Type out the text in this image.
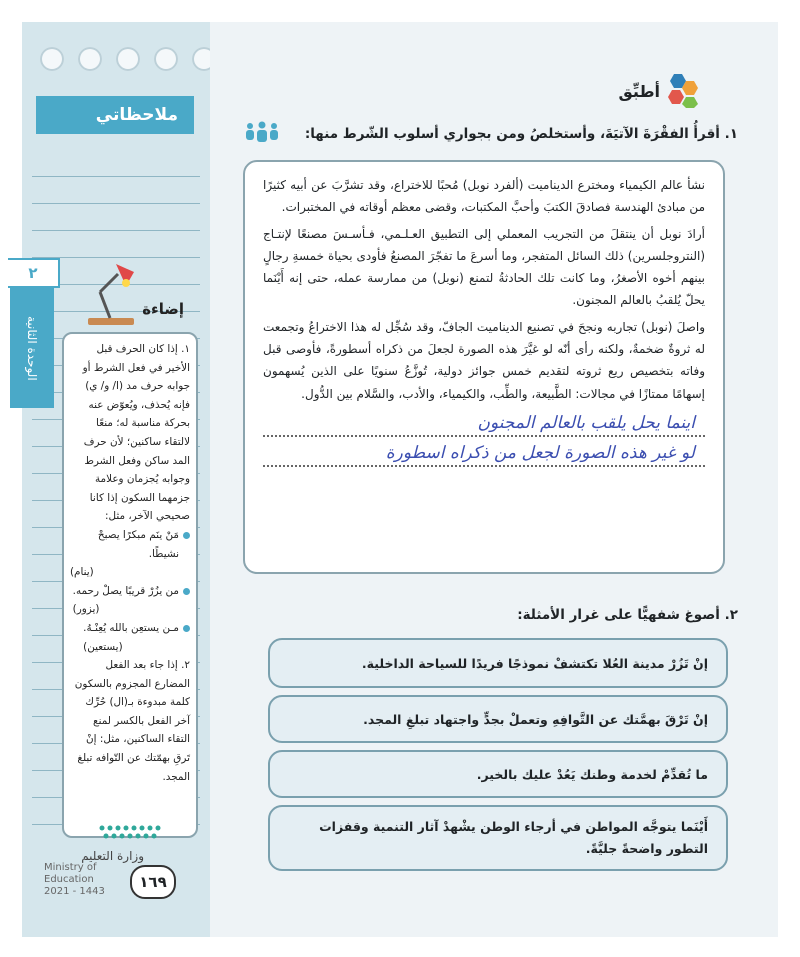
ملاحظاتي
٢
الوحدة الثانية
إضاءة

١. إذا كان الحرف قبل الأخير في فعل الشرط أو جوابه حرف مد (ا/ و/ ي) فإنه يُحذف، ويُعوّض عنه بحركة مناسبة له؛ منعًا لالتقاء ساكنين؛ لأن حرف المد ساكن وفعل الشرط وجوابه يُجزمان وعلامة جزمهما السكون إذا كانا صحيحي الآخر، مثل:

مَنْ ينَم مبكرًا يصبحْ نشيطًا.

(ينام)

من يزُرْ قريبًا يصلْ رحمه.

(يزور)

مـن يستعِن بالله يُعِنْـهُ.

(يستعين)

٢. إذا جاء بعد الفعل المضارع المجزوم بالسكون كلمة مبدوءة بـ(ال) حُرِّك آخر الفعل بالكسر لمنع التقاء الساكنين، مثل: إنْ تَرقِ بهمّتك عن التّوافه تبلغ المجد.

وزارة التعليم
Ministry of Education
2021 - 1443
١٦٩
أطبِّق
١. أقرأُ الفقْرَةَ الآتيَةَ، وأستخلصُ ومن بجواري أسلوب الشّرط منها:

نشأ عالم الكيمياء ومخترع الديناميت (ألفرد نوبل) مُحبًا للاختراع، وقد تشرَّبَ عن أبيه كثيرًا من مبادئ الهندسة فصادقَ الكتبَ وأحبَّ المكتبات، وقضى معظم أوقاته في المختبرات.

أرادَ نوبل أن ينتقلَ من التجريب المعملي إلى التطبيق العـلـمي، فـأسـسَ مصنعًا لإنتـاج (النتروجلسرين) ذلك السائل المتفجر، وما أسرعَ ما تفجّرَ المصنعُ فأودى بحياة خمسةِ رجالٍ بينهم أخوه الأصغرُ، وما كانت تلك الحادثةُ لتمنع (نوبل) من ممارسة عمله، حتى إنه أَيْنَما يحلّ يُلقبُ بالعالم المجنون.

واصلَ (نوبل) تجاربه ونجحَ في تصنيع الديناميت الجافّ، وقد سُجِّل له هذا الاختراعُ وتجمعت له ثروةٌ ضخمةٌ، ولكنه رأى أنّه لو غيَّرَ هذه الصورة لجعلَ من ذكراه أسطورةً، فأوصى قبل وفاته بتخصيص ريع ثروته لتقديم خمس جوائز دولية، تُوزَّعُ سنويًا على الذين يُسهمون إسهامًا ممتازًا في مجالات: الطَّبيعة، والطِّب، والكيمياء، والأدب، والسَّلام بين الدُّول.

اينما يحل يلقب بالعالم المجنون
لو غير هذه الصورة لجعل من ذكراه اسطورة
٢. أصوغ شفهيًّا على غرار الأمثلة:
إنْ تَزُرْ مدينة العُلا تكتشفْ نموذجًا فريدًا للسياحة الداخلية.
إنْ تَرْقَ بهمَّتك عن التَّوافِهِ وتعملْ بجدٍّ واجتهاد تبلغِ المجد.
ما تُقدِّمْ لخدمة وطنك يَعُدْ عليك بالخير.
أَيْنَما يتوجَّه المواطن في أرجاء الوطن يشْهدْ آثار التنمية وقفزات التطور واضحةً جليَّةً.
